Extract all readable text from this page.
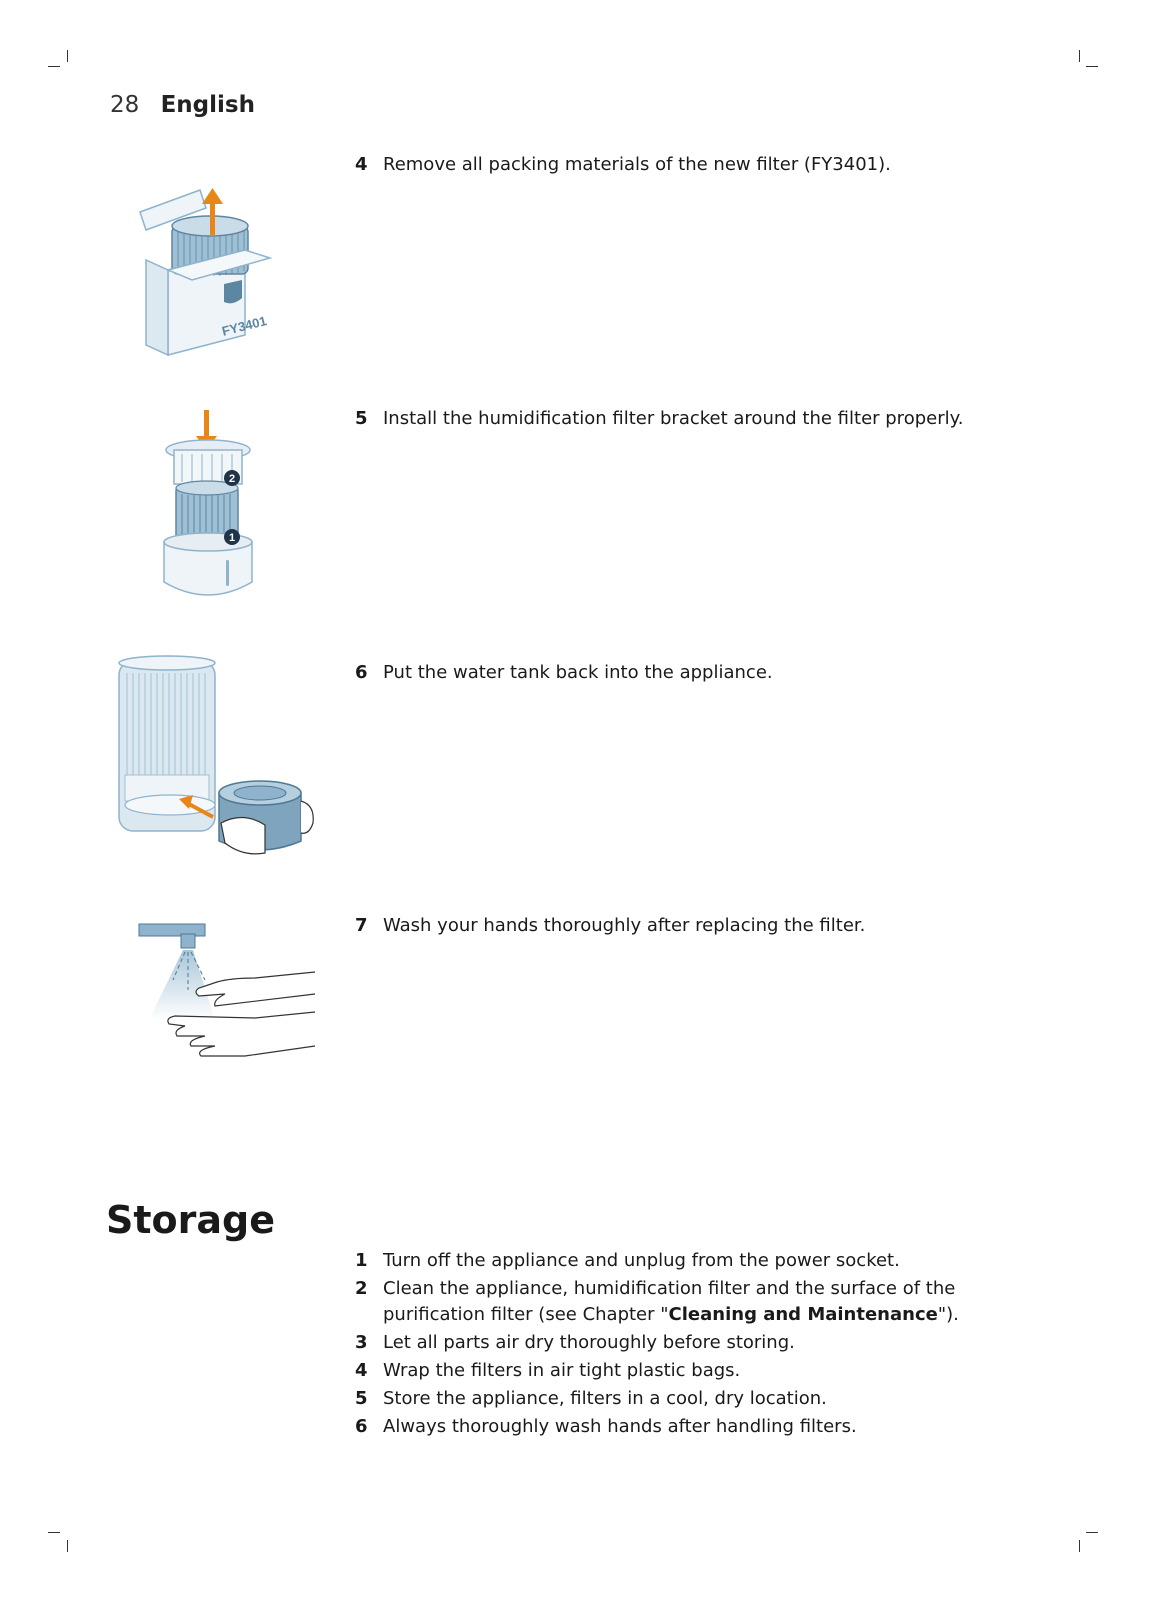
28 English
4 Remove all packing materials of the new filter (FY3401).
5 Install the humidification filter bracket around the filter properly.
6 Put the water tank back into the appliance.
7 Wash your hands thoroughly after replacing the filter.
FY3401
2
1
Storage
1 Turn off the appliance and unplug from the power socket.
2 Clean the appliance, humidification filter and the surface of the purification filter (see Chapter "Cleaning and Maintenance").
3 Let all parts air dry thoroughly before storing.
4 Wrap the filters in air tight plastic bags.
5 Store the appliance, filters in a cool, dry location.
6 Always thoroughly wash hands after handling filters.
